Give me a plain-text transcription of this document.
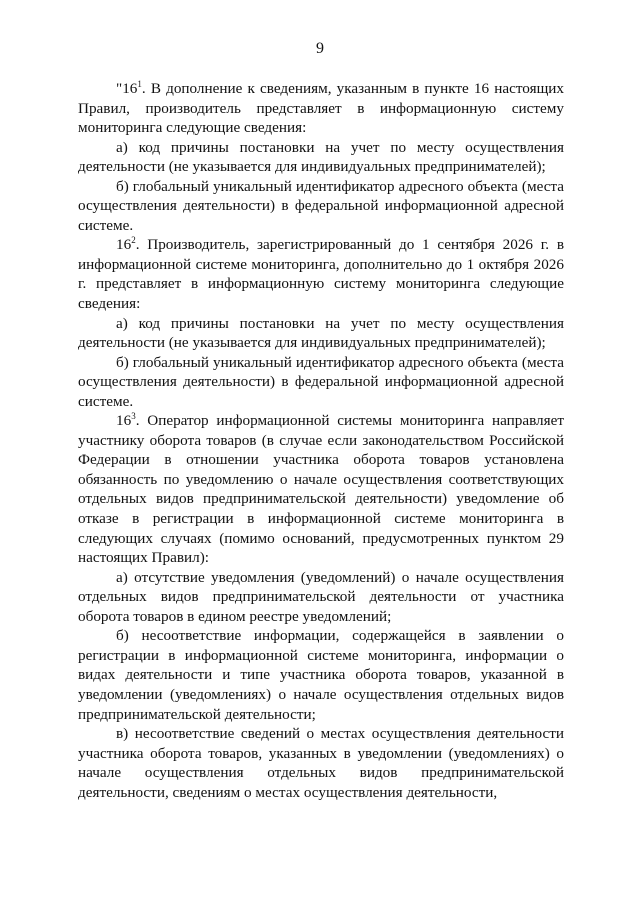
9

"$16^1$. В дополнение к сведениям, указанным в пункте 16 настоящих Правил, производитель представляет в информационную систему мониторинга следующие сведения:

а) код причины постановки на учет по месту осуществления деятельности (не указывается для индивидуальных предпринимателей);

б) глобальный уникальный идентификатор адресного объекта (места осуществления деятельности) в федеральной информационной адресной системе.

$16^2$. Производитель, зарегистрированный до 1 сентября 2026 г. в информационной системе мониторинга, дополнительно до 1 октября 2026 г. представляет в информационную систему мониторинга следующие сведения:

а) код причины постановки на учет по месту осуществления деятельности (не указывается для индивидуальных предпринимателей);

б) глобальный уникальный идентификатор адресного объекта (места осуществления деятельности) в федеральной информационной адресной системе.

$16^3$. Оператор информационной системы мониторинга направляет участнику оборота товаров (в случае если законодательством Российской Федерации в отношении участника оборота товаров установлена обязанность по уведомлению о начале осуществления соответствующих отдельных видов предпринимательской деятельности) уведомление об отказе в регистрации в информационной системе мониторинга в следующих случаях (помимо оснований, предусмотренных пунктом 29 настоящих Правил):

а) отсутствие уведомления (уведомлений) о начале осуществления отдельных видов предпринимательской деятельности от участника оборота товаров в едином реестре уведомлений;

б) несоответствие информации, содержащейся в заявлении о регистрации в информационной системе мониторинга, информации о видах деятельности и типе участника оборота товаров, указанной в уведомлении (уведомлениях) о начале осуществления отдельных видов предпринимательской деятельности;

в) несоответствие сведений о местах осуществления деятельности участника оборота товаров, указанных в уведомлении (уведомлениях) о начале осуществления отдельных видов предпринимательской деятельности, сведениям о местах осуществления деятельности,
